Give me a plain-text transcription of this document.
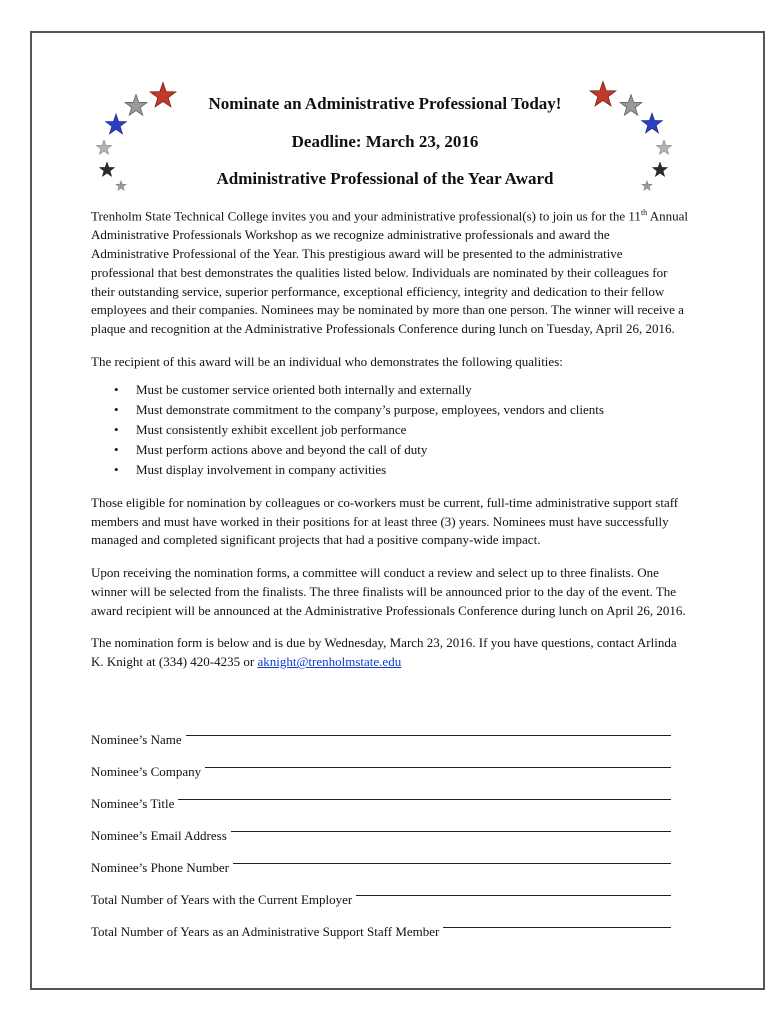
Nominate an Administrative Professional Today!
Deadline: March 23, 2016
Administrative Professional of the Year Award

Trenholm State Technical College invites you and your administrative professional(s) to join us for the 11th Annual Administrative Professionals Workshop as we recognize administrative professionals and award the Administrative Professional of the Year. This prestigious award will be presented to the administrative professional that best demonstrates the qualities listed below. Individuals are nominated by their colleagues for their outstanding service, superior performance, exceptional efficiency, integrity and dedication to their fellow employees and their companies. Nominees may be nominated by more than one person. The winner will receive a plaque and recognition at the Administrative Professionals Conference during lunch on Tuesday, April 26, 2016.

The recipient of this award will be an individual who demonstrates the following qualities:

• Must be customer service oriented both internally and externally
• Must demonstrate commitment to the company’s purpose, employees, vendors and clients
• Must consistently exhibit excellent job performance
• Must perform actions above and beyond the call of duty
• Must display involvement in company activities

Those eligible for nomination by colleagues or co-workers must be current, full-time administrative support staff members and must have worked in their positions for at least three (3) years. Nominees must have successfully managed and completed significant projects that had a positive company-wide impact.

Upon receiving the nomination forms, a committee will conduct a review and select up to three finalists. One winner will be selected from the finalists. The three finalists will be announced prior to the day of the event. The award recipient will be announced at the Administrative Professionals Conference during lunch on April 26, 2016.

The nomination form is below and is due by Wednesday, March 23, 2016. If you have questions, contact Arlinda K. Knight at (334) 420-4235 or aknight@trenholmstate.edu

Nominee’s Name
Nominee’s Company
Nominee’s Title
Nominee’s Email Address
Nominee’s Phone Number
Total Number of Years with the Current Employer
Total Number of Years as an Administrative Support Staff Member
